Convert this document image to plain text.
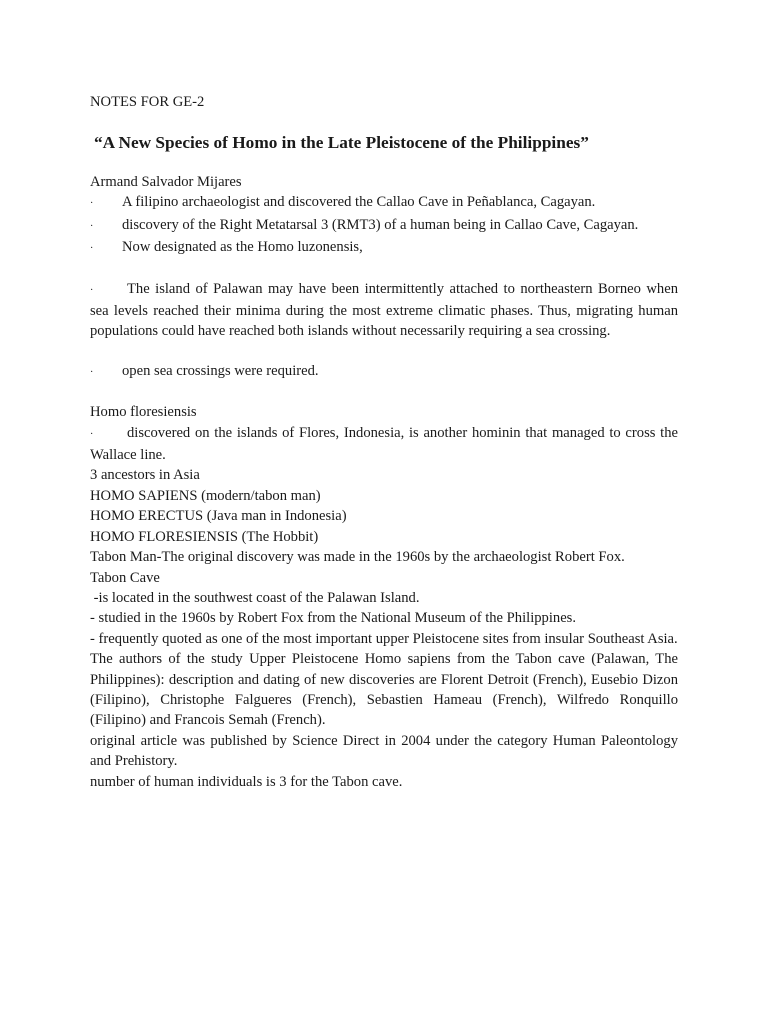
NOTES FOR GE-2
“A New Species of Homo in the Late Pleistocene of the Philippines”
Armand Salvador Mijares
·	A filipino archaeologist and discovered the Callao Cave in Peñablanca, Cagayan.
·	discovery of the Right Metatarsal 3 (RMT3) of a human being in Callao Cave, Cagayan.
·	Now designated as the Homo luzonensis,
· The island of Palawan may have been intermittently attached to northeastern Borneo when sea levels reached their minima during the most extreme climatic phases. Thus, migrating human populations could have reached both islands without necessarily requiring a sea crossing.
·	open sea crossings were required.
Homo floresiensis
· discovered on the islands of Flores, Indonesia, is another hominin that managed to cross the Wallace line.
3 ancestors in Asia
HOMO SAPIENS (modern/tabon man)
HOMO ERECTUS (Java man in Indonesia)
HOMO FLORESIENSIS (The Hobbit)
Tabon Man-The original discovery was made in the 1960s by the archaeologist Robert Fox.
Tabon Cave
-is located in the southwest coast of the Palawan Island.
- studied in the 1960s by Robert Fox from the National Museum of the Philippines.
- frequently quoted as one of the most important upper Pleistocene sites from insular Southeast Asia.
The authors of the study Upper Pleistocene Homo sapiens from the Tabon cave (Palawan, The Philippines): description and dating of new discoveries are Florent Detroit (French), Eusebio Dizon (Filipino), Christophe Falgueres (French), Sebastien Hameau (French), Wilfredo Ronquillo (Filipino) and Francois Semah (French).
original article was published by Science Direct in 2004 under the category Human Paleontology and Prehistory.
number of human individuals is 3 for the Tabon cave.
